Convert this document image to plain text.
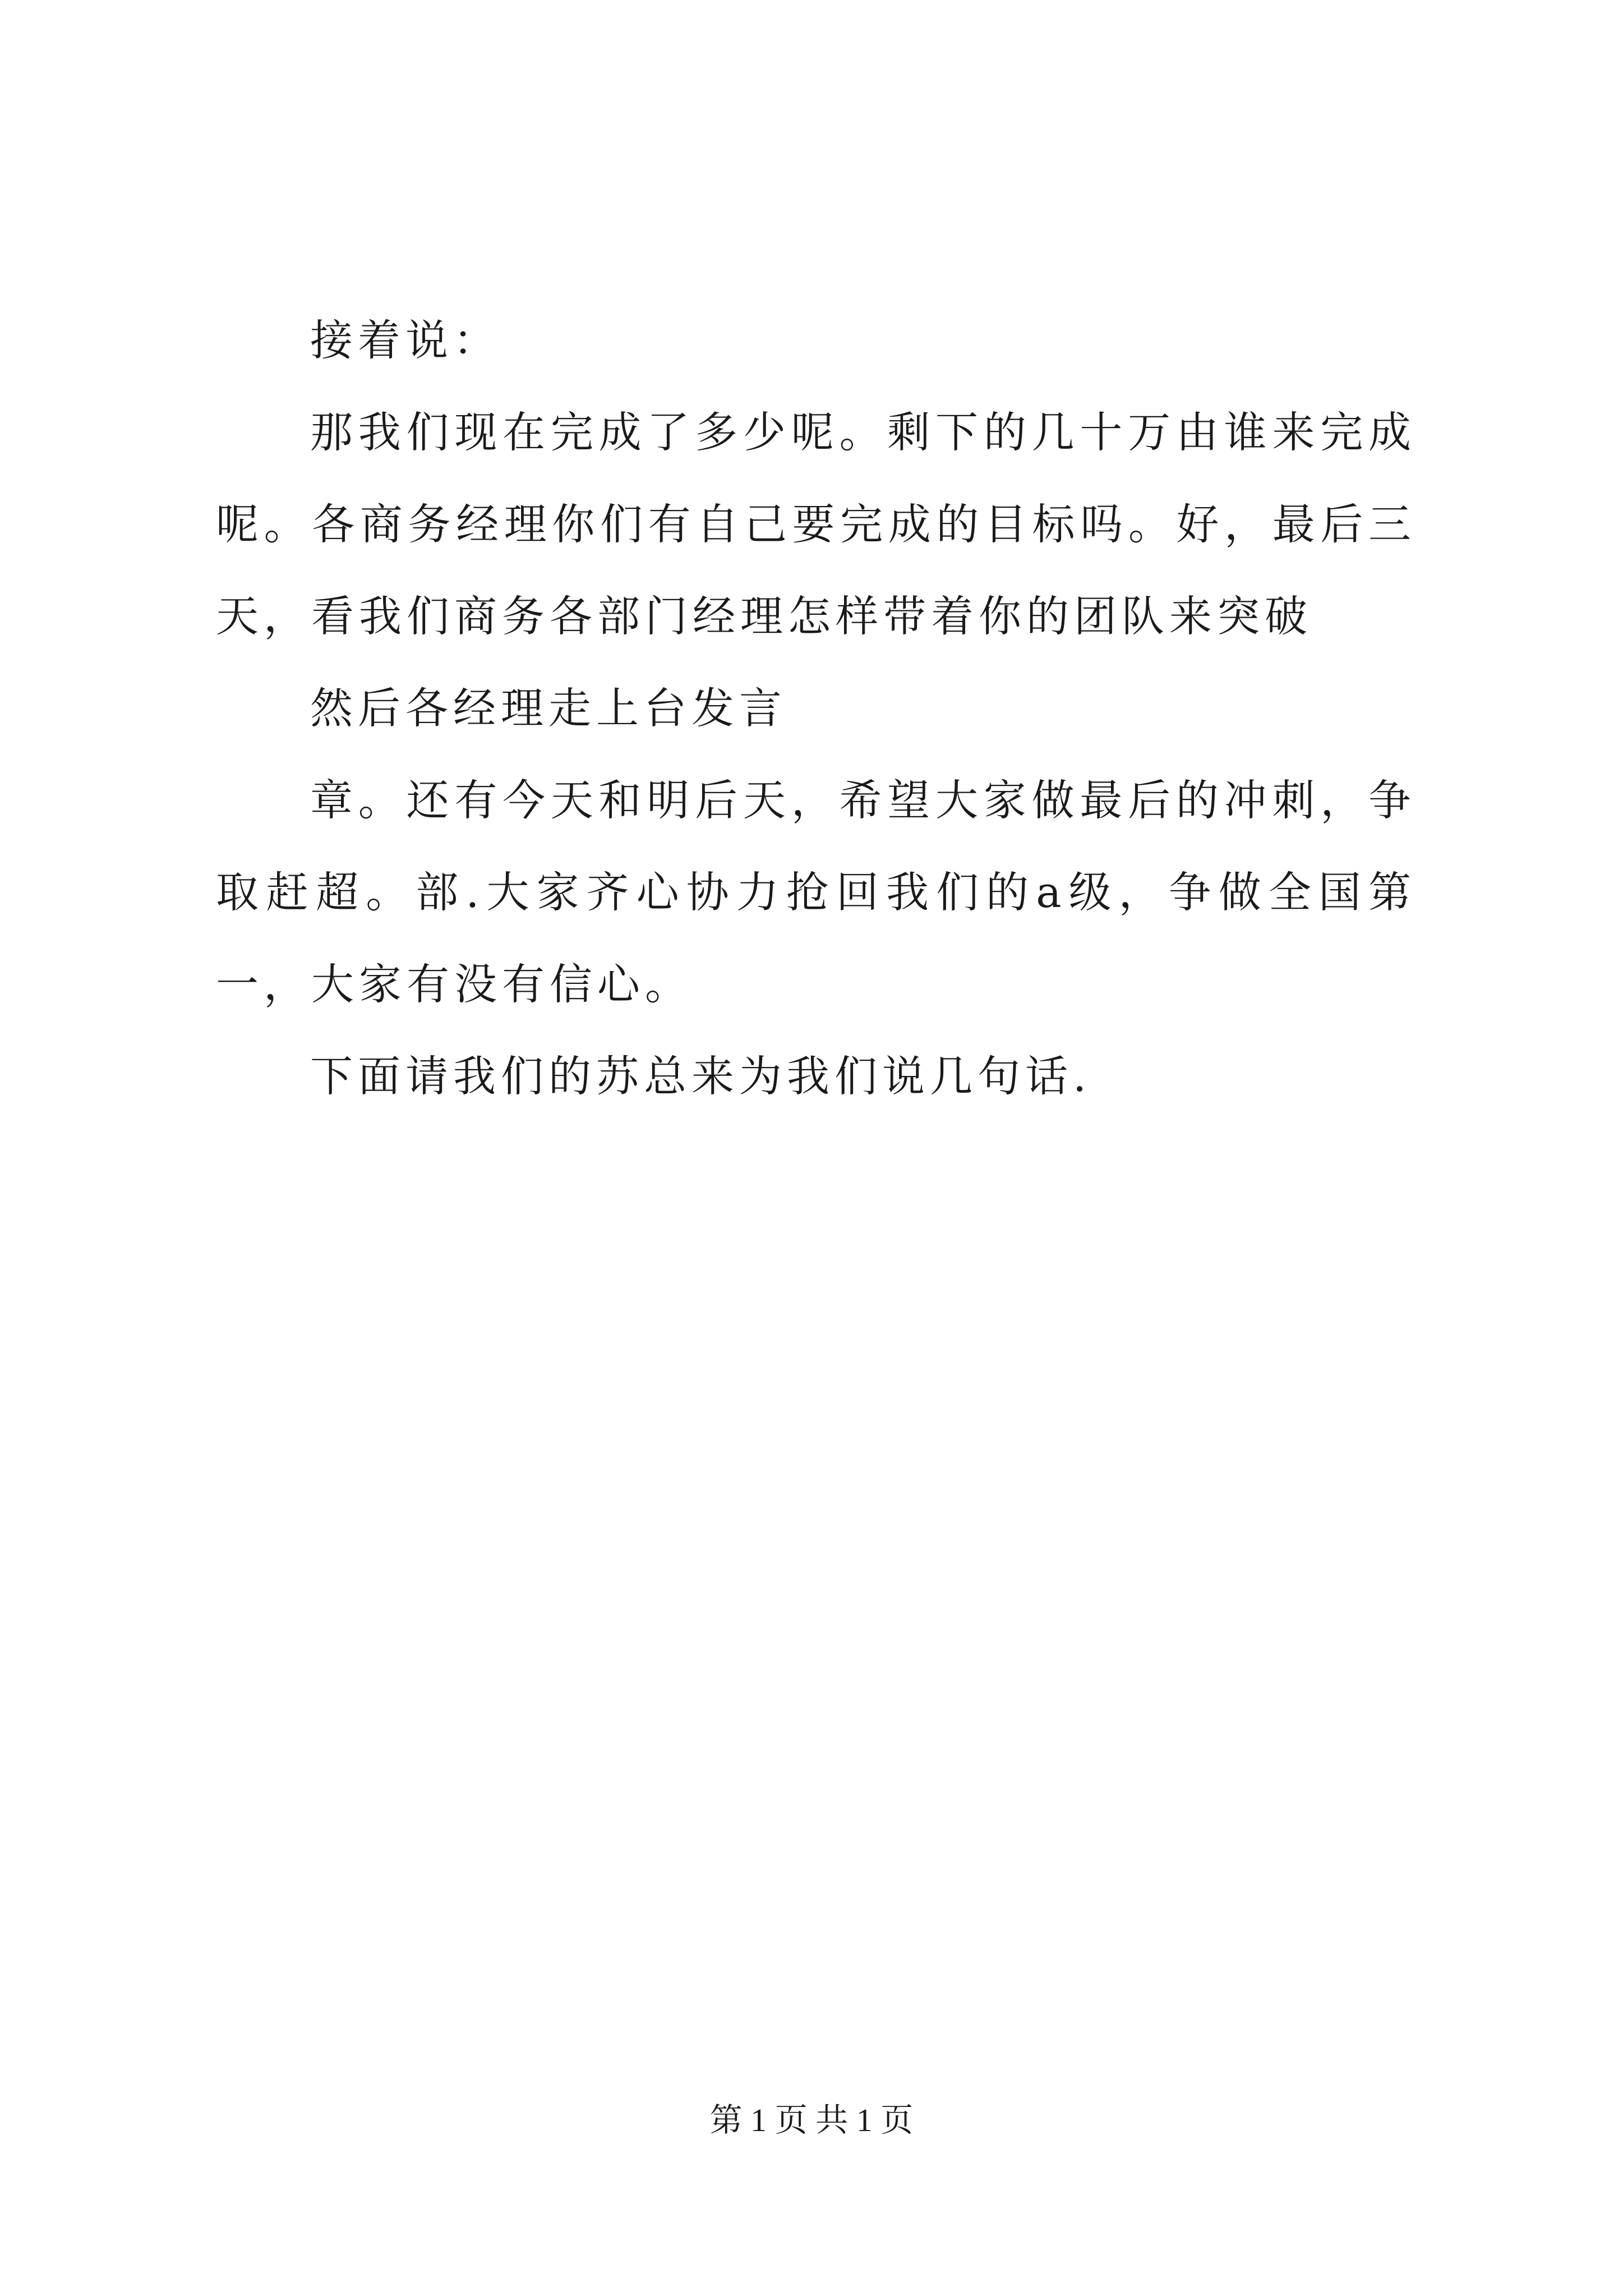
接着说：

那我们现在完成了多少呢。剩下的几十万由谁来完成呢。各商务经理你们有自己要完成的目标吗。好，最后三天，看我们商务各部门经理怎样带着你的团队来突破

然后各经理走上台发言

章。还有今天和明后天，希望大家做最后的冲刺，争取赶超。部.大家齐心协力抢回我们的a级，争做全国第一，大家有没有信心。

下面请我们的苏总来为我们说几句话.

第 1 页 共 1 页
